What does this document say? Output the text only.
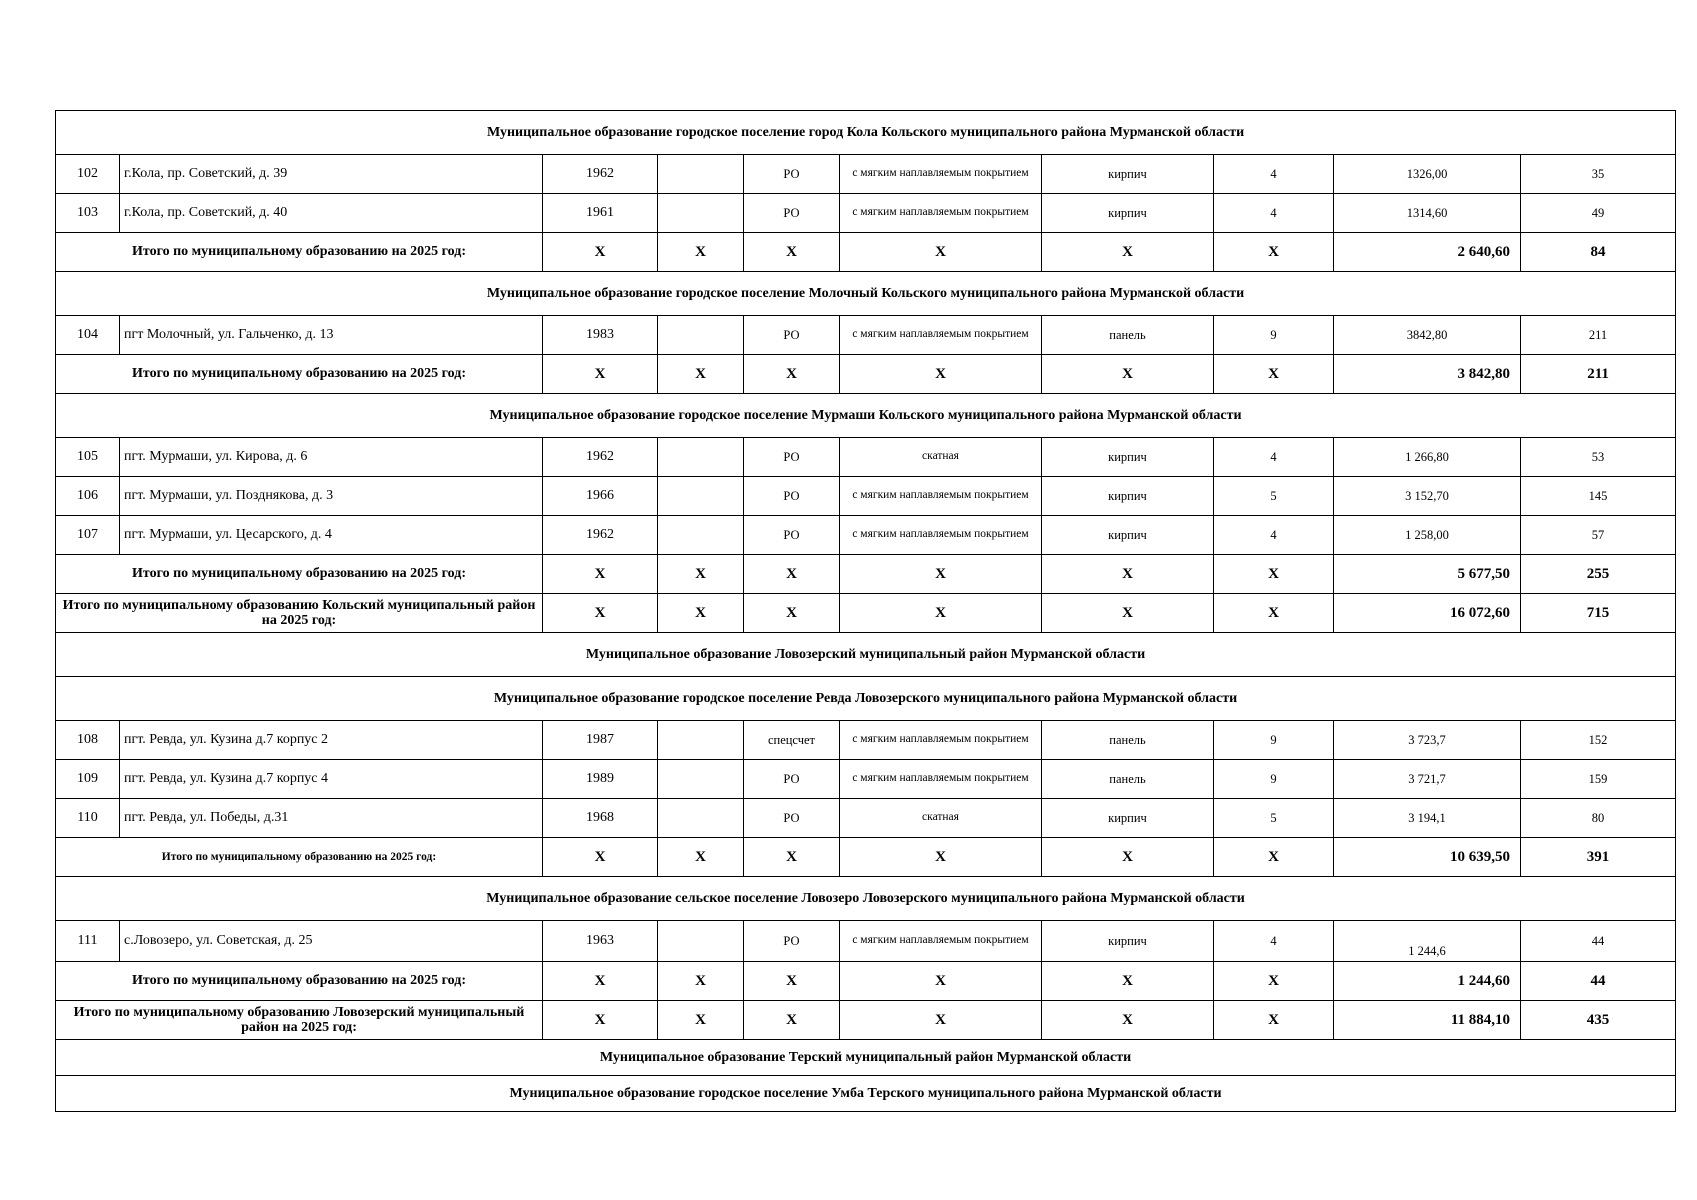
Муниципальное образование городское поселение город Кола Кольского муниципального района Мурманской области									
102	г.Кола, пр. Советский, д. 39	1962		РО	с мягким наплавляемым покрытием	кирпич	4	1326,00	35
103	г.Кола, пр. Советский, д. 40	1961		РО	с мягким наплавляемым покрытием	кирпич	4	1314,60	49
Итого по муниципальному образованию на 2025 год:		X	X	X	X	X	X	2 640,60	84
Муниципальное образование городское поселение Молочный Кольского муниципального района Мурманской области									
104	пгт Молочный, ул. Гальченко, д. 13	1983		РО	с мягким наплавляемым покрытием	панель	9	3842,80	211
Итого по муниципальному образованию на 2025 год:		X	X	X	X	X	X	3 842,80	211
Муниципальное образование городское поселение Мурмаши Кольского муниципального района Мурманской области									
105	пгт. Мурмаши, ул. Кирова, д. 6	1962		РО	скатная	кирпич	4	1 266,80	53
106	пгт. Мурмаши, ул. Позднякова, д. 3	1966		РО	с мягким наплавляемым покрытием	кирпич	5	3 152,70	145
107	пгт. Мурмаши, ул. Цесарского, д. 4	1962		РО	с мягким наплавляемым покрытием	кирпич	4	1 258,00	57
Итого по муниципальному образованию на 2025 год:		X	X	X	X	X	X	5 677,50	255
Итого по муниципальному образованию Кольский муниципальный район на 2025 год:		X	X	X	X	X	X	16 072,60	715
Муниципальное образование Ловозерский муниципальный район Мурманской области									
Муниципальное образование городское поселение Ревда Ловозерского муниципального района Мурманской области									
108	пгт. Ревда, ул. Кузина д.7 корпус 2	1987		спецсчет	с мягким наплавляемым покрытием	панель	9	3 723,7	152
109	пгт. Ревда, ул. Кузина д.7 корпус 4	1989		РО	с мягким наплавляемым покрытием	панель	9	3 721,7	159
110	пгт. Ревда, ул. Победы, д.31	1968		РО	скатная	кирпич	5	3 194,1	80
Итого по муниципальному образованию на 2025 год:		X	X	X	X	X	X	10 639,50	391
Муниципальное образование сельское поселение Ловозеро Ловозерского муниципального района Мурманской области									
111	с.Ловозеро, ул. Советская, д. 25	1963		РО	с мягким наплавляемым покрытием	кирпич	4	1 244,6	44
Итого по муниципальному образованию на 2025 год:		X	X	X	X	X	X	1 244,60	44
Итого по муниципальному образованию Ловозерский муниципальный район на 2025 год:		X	X	X	X	X	X	11 884,10	435
Муниципальное образование Терский муниципальный район Мурманской области									
Муниципальное образование городское поселение Умба Терского муниципального района Мурманской области									
